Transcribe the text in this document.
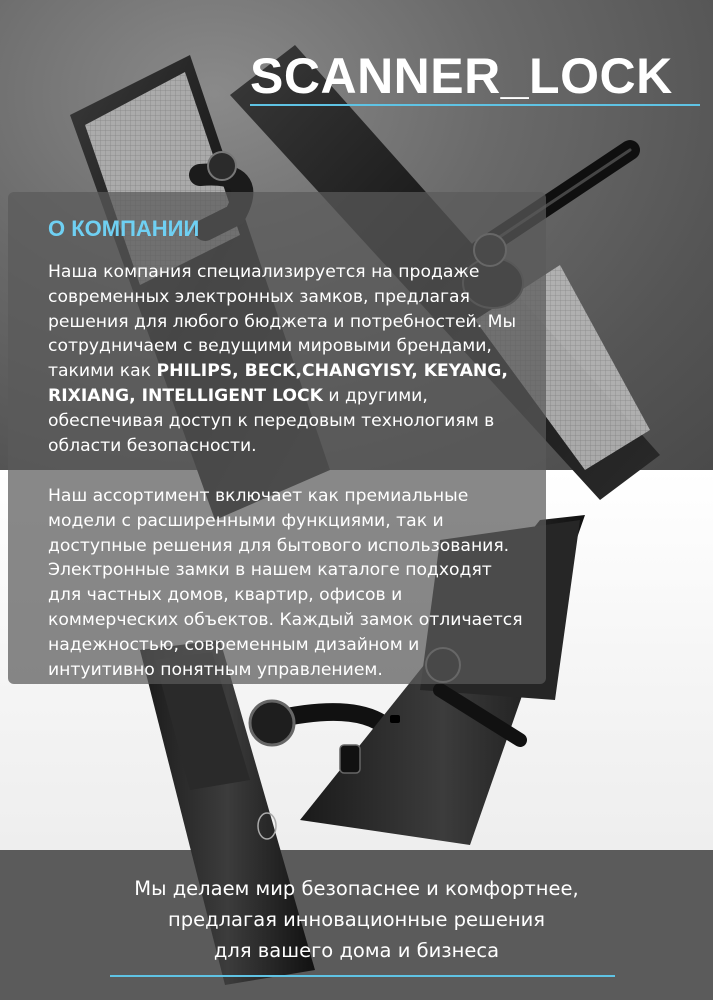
SCANNER_LOCK
О КОМПАНИИ

Наша компания специализируется на продаже современных электронных замков, предлагая решения для любого бюджета и потребностей. Мы сотрудничаем с ведущими мировыми брендами, такими как PHILIPS, BECK,CHANGYISY, KEYANG, RIXIANG, INTELLIGENT LOCK и другими, обеспечивая доступ к передовым технологиям в области безопасности.

Наш ассортимент включает как премиальные модели с расширенными функциями, так и доступные решения для бытового использования. Электронные замки в нашем каталоге подходят для частных домов, квартир, офисов и коммерческих объектов. Каждый замок отличается надежностью, современным дизайном и интуитивно понятным управлением.

Мы делаем мир безопаснее и комфортнее,
предлагая инновационные решения
для вашего дома и бизнеса
